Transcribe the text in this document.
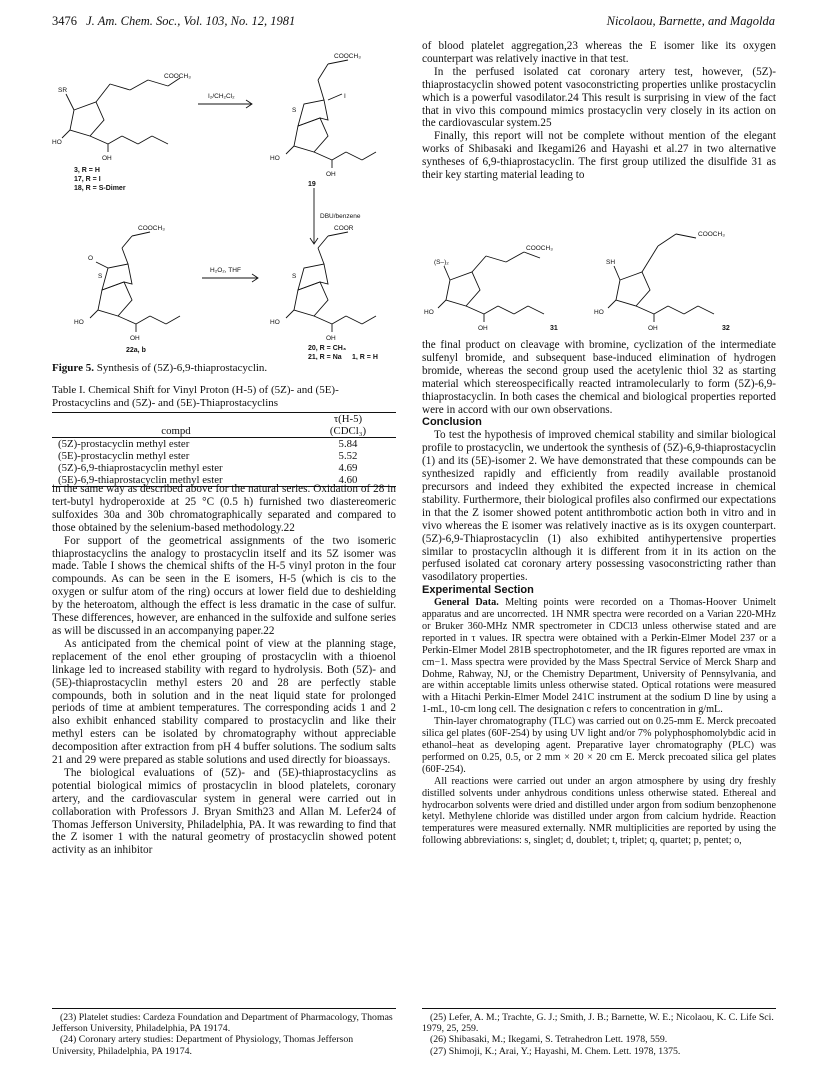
3476 J. Am. Chem. Soc., Vol. 103, No. 12, 1981	Nicolaou, Barnette, and Magolda
SR
COOCH₃
HO
OH
3, R = H
17, R = I
18, R = S-Dimer
I₂/CH₂Cl₂
COOCH₃
I
S
HO
OH
19
DBU/benzene
COOCH₃
O
S
HO
OH
22a, b
H₂O₂, THF
COOR
S
HO
OH
20, R = CH₃
21, R = Na 1, R = H
Figure 5. Synthesis of (5Z)-6,9-thiaprostacyclin.
Table I. Chemical Shift for Vinyl Proton (H-5) of (5Z)- and (5E)-Prostacyclins and (5Z)- and (5E)-Thiaprostacyclins
	τ(H-5)
compd	(CDCl₃)
(5Z)-prostacyclin methyl ester	5.84
(5E)-prostacyclin methyl ester	5.52
(5Z)-6,9-thiaprostacyclin methyl ester	4.69
(5E)-6,9-thiaprostacyclin methyl ester	4.60

in the same way as described above for the natural series. Oxidation of 28 in tert-butyl hydroperoxide at 25 °C (0.5 h) furnished two diastereomeric sulfoxides 30a and 30b chromatographically separated and compared to those obtained by the selenium-based methodology.22

For support of the geometrical assignments of the two isomeric thiaprostacyclins the analogy to prostacyclin itself and its 5Z isomer was made. Table I shows the chemical shifts of the H-5 vinyl proton in the four compounds. As can be seen in the E isomers, H-5 (which is cis to the oxygen or sulfur atom of the ring) occurs at lower field due to deshielding by the heteroatom, although the effect is less dramatic in the case of sulfur. These differences, however, are enhanced in the sulfoxide and sulfone series as will be discussed in an accompanying paper.22

As anticipated from the chemical point of view at the planning stage, replacement of the enol ether grouping of prostacyclin with a thioenol linkage led to increased stability with regard to hydrolysis. Both (5Z)- and (5E)-thiaprostacyclin methyl esters 20 and 28 are perfectly stable compounds, both in solution and in the neat liquid state for prolonged periods of time at ambient temperatures. The corresponding acids 1 and 2 also exhibit enhanced stability compared to prostacyclin and like their methyl esters can be isolated by chromatography without appreciable decomposition after extraction from pH 4 buffer solutions. The sodium salts 21 and 29 were prepared as stable solutions and used directly for bioassays.

The biological evaluations of (5Z)- and (5E)-thiaprostacyclins as potential biological mimics of prostacyclin in blood platelets, coronary artery, and the cardiovascular system in general were carried out in collaboration with Professors J. Bryan Smith23 and Allan M. Lefer24 of Thomas Jefferson University, Philadelphia, PA. It was rewarding to find that the Z isomer 1 with the natural geometry of prostacyclin showed potent activity as an inhibitor

of blood platelet aggregation,23 whereas the E isomer like its oxygen counterpart was relatively inactive in that test.

In the perfused isolated cat coronary artery test, however, (5Z)-thiaprostacyclin showed potent vasoconstricting properties unlike prostacyclin which is a powerful vasodilator.24 This result is surprising in view of the fact that in vivo this compound mimics prostacyclin very closely in its action on the cardiovascular system.25

Finally, this report will not be complete without mention of the elegant works of Shibasaki and Ikegami26 and Hayashi et al.27 in two alternative syntheses of 6,9-thiaprostacyclin. The first group utilized the disulfide 31 as their key starting material leading to

(S–)₂
COOCH₃
HO
OH	31
SH
COOCH₃
HO
OH	32

the final product on cleavage with bromine, cyclization of the intermediate sulfenyl bromide, and subsequent base-induced elimination of hydrogen bromide, whereas the second group used the acetylenic thiol 32 as starting material which stereospecifically reacted intramolecularly to form (5Z)-6,9-thiaprostacyclin. In both cases the chemical and biological properties reported were in accord with our own observations.

Conclusion

To test the hypothesis of improved chemical stability and similar biological profile to prostacyclin, we undertook the synthesis of (5Z)-6,9-thiaprostacyclin (1) and its (5E)-isomer 2. We have demonstrated that these compounds can be synthesized rapidly and efficiently from readily available prostanoid precursors and indeed they exhibited the expected increase in chemical stability. Furthermore, their biological profiles also confirmed our expectations in that the Z isomer showed potent antithrombotic action both in vitro and in vivo whereas the E isomer was relatively inactive as is its oxygen counterpart. (5Z)-6,9-Thiaprostacyclin (1) also exhibited antihypertensive properties similar to prostacyclin although it is different from it in its action on the perfused isolated cat coronary artery possessing vasoconstricting rather than vasodilatory properties.

Experimental Section

General Data. Melting points were recorded on a Thomas-Hoover Unimelt apparatus and are uncorrected. 1H NMR spectra were recorded on a Varian 220-MHz or Bruker 360-MHz NMR spectrometer in CDCl3 unless otherwise stated and are reported in τ values. IR spectra were obtained with a Perkin-Elmer Model 237 or a Perkin-Elmer Model 281B spectrophotometer, and the IR figures reported are νmax in cm−1. Mass spectra were provided by the Mass Spectral Service of Merck Sharp and Dohme, Rahway, NJ, or the Chemistry Department, University of Pennsylvania, and are within acceptable limits unless otherwise stated. Optical rotations were measured with a Hitachi Perkin-Elmer Model 241C instrument at the sodium D line by using a 1-mL, 10-cm long cell. The designation c refers to concentration in g/mL.

Thin-layer chromatography (TLC) was carried out on 0.25-mm E. Merck precoated silica gel plates (60F-254) by using UV light and/or 7% polyphosphomolybdic acid in ethanol–heat as developing agent. Preparative layer chromatography (PLC) was performed on 0.25, 0.5, or 2 mm × 20 × 20 cm E. Merck precoated silica gel plates (60F-254).

All reactions were carried out under an argon atmosphere by using dry freshly distilled solvents under anhydrous conditions unless otherwise stated. Ethereal and hydrocarbon solvents were dried and distilled under argon from sodium benzophenone ketyl. Methylene chloride was distilled under argon from calcium hydride. Reaction temperatures were measured externally. NMR multiplicities are reported by using the following abbreviations: s, singlet; d, doublet; t, triplet; q, quartet; p, pentet; o,

(23) Platelet studies: Cardeza Foundation and Department of Pharmacology, Thomas Jefferson University, Philadelphia, PA 19174.

(24) Coronary artery studies: Department of Physiology, Thomas Jefferson University, Philadelphia, PA 19174.

(25) Lefer, A. M.; Trachte, G. J.; Smith, J. B.; Barnette, W. E.; Nicolaou, K. C. Life Sci. 1979, 25, 259.

(26) Shibasaki, M.; Ikegami, S. Tetrahedron Lett. 1978, 559.

(27) Shimoji, K.; Arai, Y.; Hayashi, M. Chem. Lett. 1978, 1375.
